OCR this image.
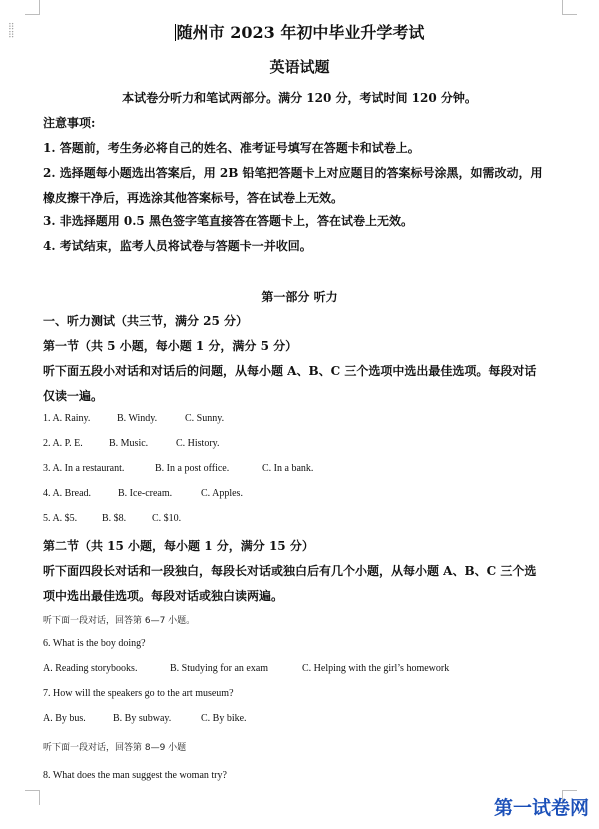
⠿

⠿	随州市 2023 年初中毕业升学考试
英语试题
本试卷分听力和笔试两部分。满分 120 分，考试时间 120 分钟。
注意事项:
1. 答题前，考生务必将自己的姓名、准考证号填写在答题卡和试卷上。
2. 选择题每小题选出答案后，用 2B 铅笔把答题卡上对应题目的答案标号涂黑，如需改动，用
橡皮擦干净后，再选涂其他答案标号，答在试卷上无效。
3. 非选择题用 0.5 黑色签字笔直接答在答题卡上，答在试卷上无效。
4. 考试结束，监考人员将试卷与答题卡一并收回。
第一部分 听力
一、听力测试（共三节，满分 25 分）
第一节（共 5 小题，每小题 1 分，满分 5 分）
听下面五段小对话和对话后的问题，从每小题 A、B、C 三个选项中选出最佳选项。每段对话
仅读一遍。
1. A. Rainy.	B. Windy.	C. Sunny.
2. A. P. E.	B. Music.	C. History.
3. A. In a restaurant.	B. In a post office.	C. In a bank.
4. A. Bread.	B. Ice-cream.	C. Apples.
5. A. $5. B. $8.	C. $10.
第二节（共 15 小题，每小题 1 分，满分 15 分）
听下面四段长对话和一段独白，每段长对话或独白后有几个小题，从每小题 A、B、C 三个选
项中选出最佳选项。每段对话或独白读两遍。
听下面一段对话，回答第 6—7 小题。
6. What is the boy doing?
A. Reading storybooks.	B. Studying for an exam	C. Helping with the girl’s homework
7. How will the speakers go to the art museum?
A. By bus.	B. By subway.	C. By bike.
听下面一段对话，回答第 8—9 小题
8. What does the man suggest the woman try?
第一试卷网
